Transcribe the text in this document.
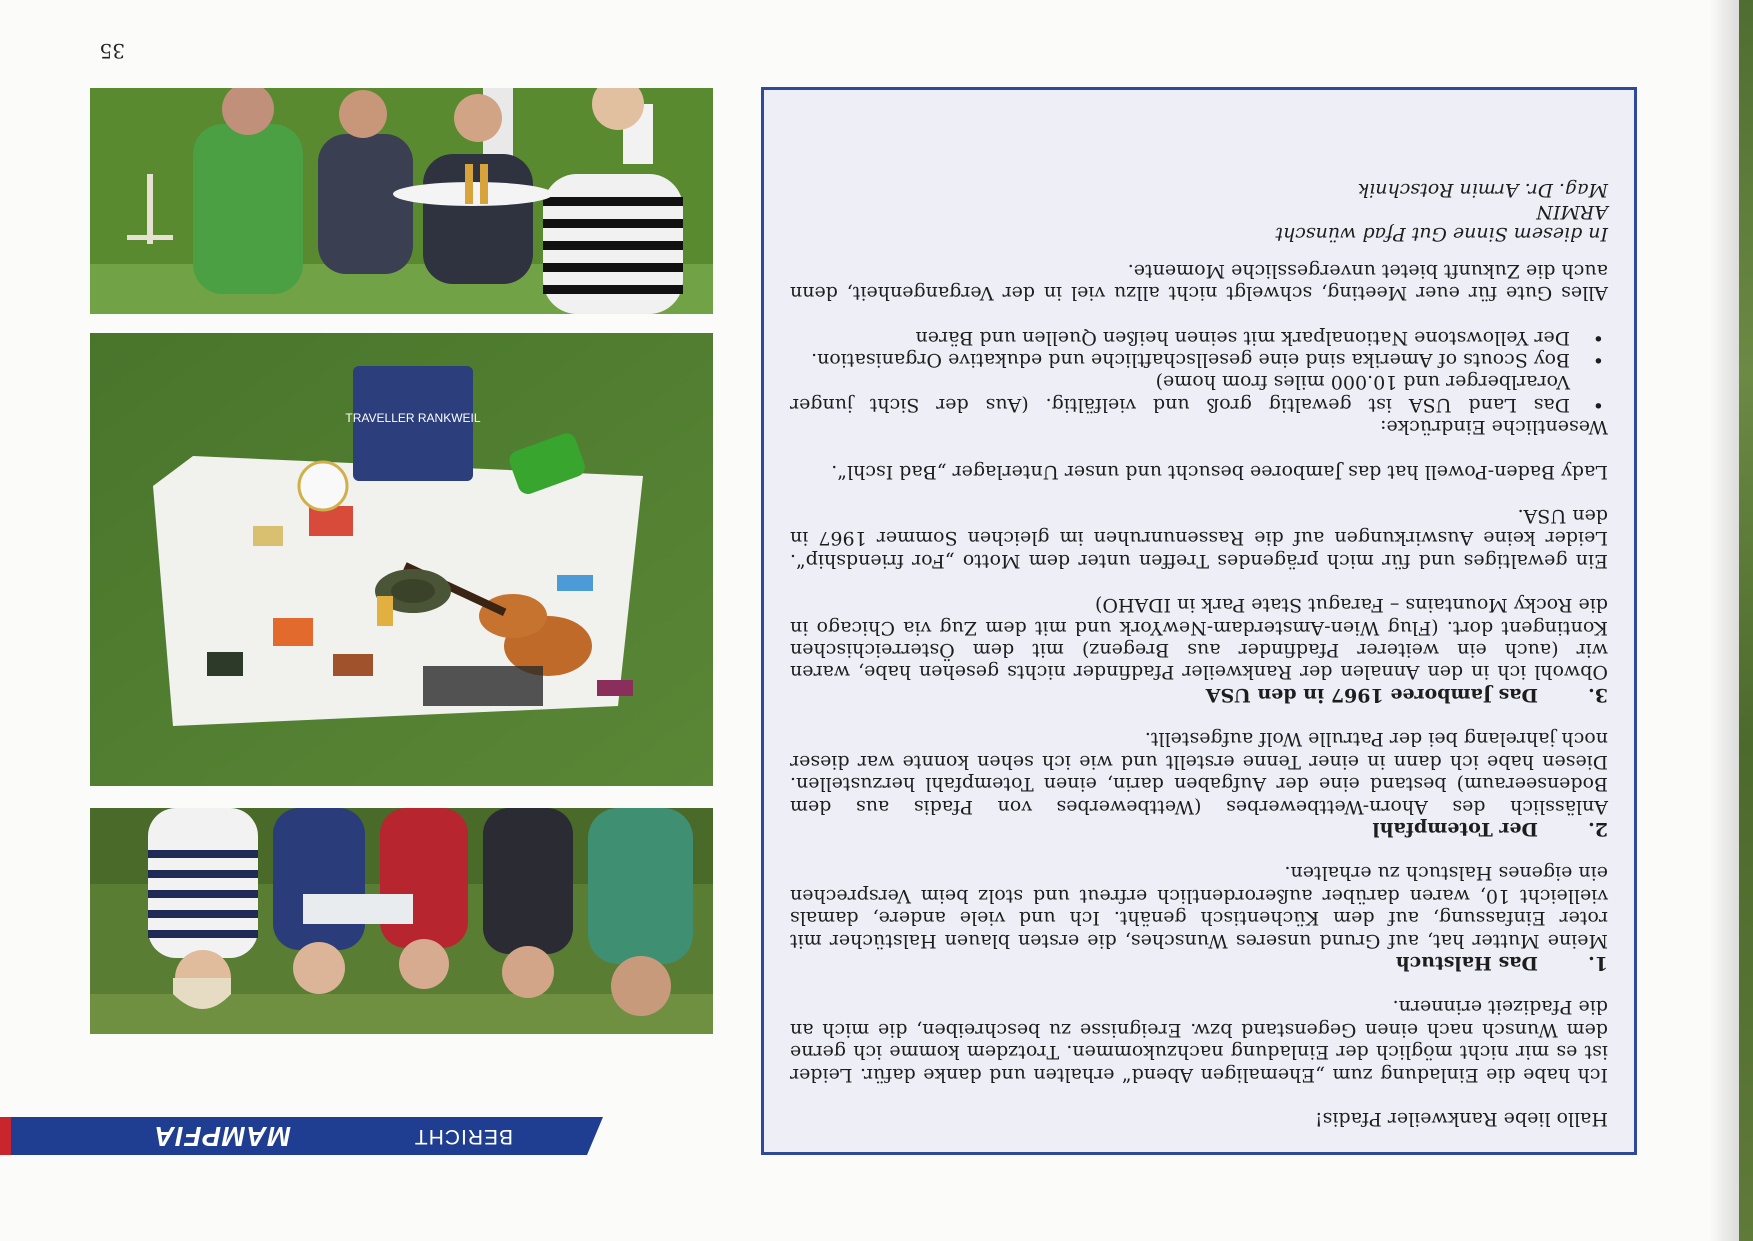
BERICHT
MAMPFIA

Hallo liebe Rankweiler Pfadis!

Ich habe die Einladung zum „Ehemaligen Abend“ erhalten und danke dafür. Leider ist es mir nicht möglich der Einladung nachzukommen. Trotzdem komme ich gerne dem Wunsch nach einen Gegenstand bzw. Ereignisse zu beschreiben, die mich an die Pfadizeit erinnern.

1.Das Halstuch

Meine Mutter hat, auf Grund unseres Wunsches, die ersten blauen Halstücher mit roter Einfassung, auf dem Küchentisch genäht. Ich und viele andere, damals vielleicht 10, waren darüber außerordentlich erfreut und stolz beim Versprechen ein eigenes Halstuch zu erhalten.

2.Der Totempfahl

Anlässlich des Ahorn-Wettbewerbes (Wettbewerbes von Pfadis aus dem Bodenseeraum) bestand eine der Aufgaben darin, einen Totempfahl herzustellen. Diesen habe ich dann in einer Tenne erstellt und wie ich sehen konnte war dieser noch jahrelang bei der Patrulle Wolf aufgestellt.

3.Das Jamboree 1967 in den USA

Obwohl ich in den Annalen der Rankweiler Pfadfinder nichts gesehen habe, waren wir (auch ein weiterer Pfadfinder aus Bregenz) mit dem Österreichischen Kontingent dort. (Flug Wien-Amsterdam-NewYork und mit dem Zug via Chicago in die Rocky Mountains – Faragut State Park in IDAHO)

Ein gewaltiges und für mich prägendes Treffen unter dem Motto „For friendship“. Leider keine Auswirkungen auf die Rassenunruhen im gleichen Sommer 1967 in den USA.

Lady Baden-Powell hat das Jamboree besucht und unser Unterlager „Bad Ischl“.

Wesentliche Eindrücke:

• Das Land USA ist gewaltig groß und vielfältig. (Aus der Sicht junger Vorarlberger und 10.000 miles from home)
• Boy Scouts of Amerika sind eine gesellschaftliche und edukative Organisation.
• Der Yellowstone Nationalpark mit seinen heißen Quellen und Bären

Alles Gute für euer Meeting, schwelgt nicht allzu viel in der Vergangenheit, denn auch die Zukunft bietet unvergessliche Momente.

In diesem Sinne Gut Pfad wünscht

ARMIN

Mag. Dr. Armin Rotschnik

TRAVELLER RANKWEIL
35
